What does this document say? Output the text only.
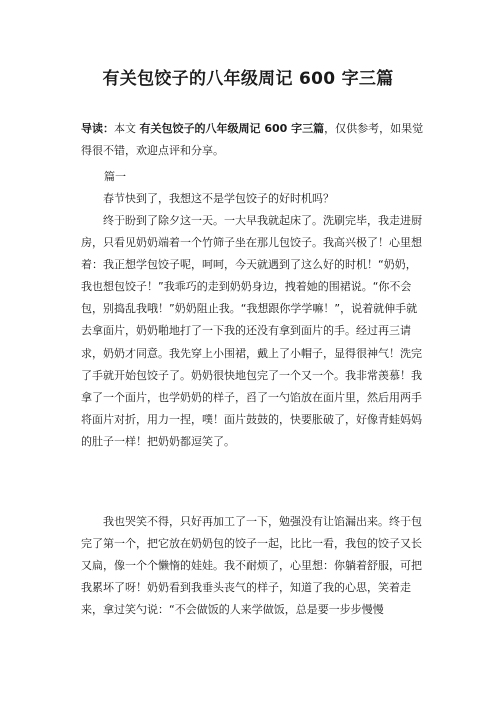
有关包饺子的八年级周记 600 字三篇

导读：本文 有关包饺子的八年级周记 600 字三篇，仅供参考，如果觉得很不错，欢迎点评和分享。

篇一

春节快到了，我想这不是学包饺子的好时机吗？

终于盼到了除夕这一天。一大早我就起床了。洗刷完毕，我走进厨房，只看见奶奶端着一个竹筛子坐在那儿包饺子。我高兴极了！心里想着：我正想学包饺子呢，呵呵，今天就遇到了这么好的时机！“奶奶，我也想包饺子！”我乖巧的走到奶奶身边，拽着她的围裙说。“你不会包，别捣乱我哦！”奶奶阻止我。“我想跟你学学嘛！”，说着就伸手就去拿面片，奶奶啪地打了一下我的还没有拿到面片的手。经过再三请求，奶奶才同意。我先穿上小围裙，戴上了小帽子，显得很神气！洗完了手就开始包饺子了。奶奶很快地包完了一个又一个。我非常羡慕！我拿了一个面片，也学奶奶的样子，舀了一勺馅放在面片里，然后用两手将面片对折，用力一捏，噗！面片鼓鼓的，快要胀破了，好像青蛙妈妈的肚子一样！把奶奶都逗笑了。

我也哭笑不得，只好再加工了一下，勉强没有让馅漏出来。终于包完了第一个，把它放在奶奶包的饺子一起，比比一看，我包的饺子又长又扁，像一个个懒惰的娃娃。我不耐烦了，心里想：你躺着舒服，可把我累坏了呀！奶奶看到我垂头丧气的样子，知道了我的心思，笑着走来，拿过笑勺说：“不会做饭的人来学做饭，总是要一步步慢慢
